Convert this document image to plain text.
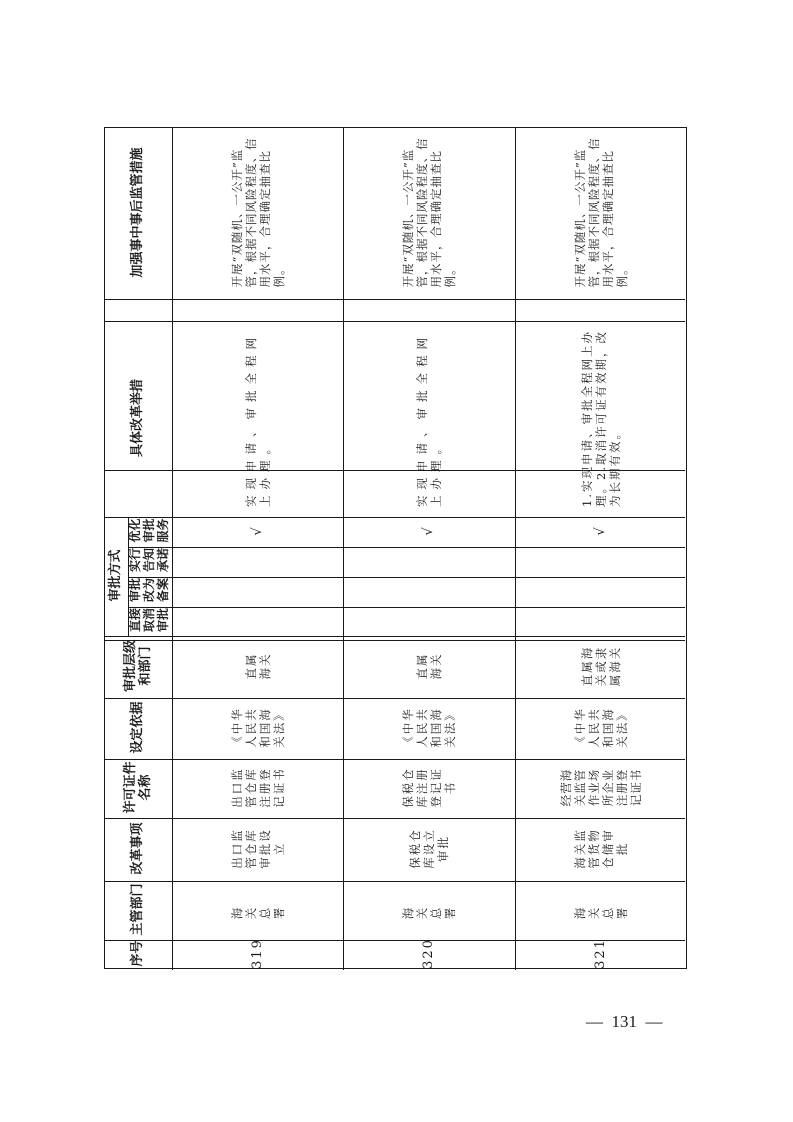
加强事中事后监管措施
具体改革举措
审批方式
直接 取消 审批
审批 改为 备案
实行 告知 承诺
优化 审批 服务
审批层级 和部门
设定依据
许可证件 名称
改革事项
主管部门
序号
开展“双随机、一公开”监管，根据不同风险程度、信用水平，合理确定抽查比例。
实现申请、审批全程网上办理。
√
直属海关
《中华人民共和国海关法》
出口监管仓库注册登记证书
出口监管仓库审批设立
海关总署
319
开展“双随机、一公开”监管，根据不同风险程度、信用水平，合理确定抽查比例。
实现申请、审批全程网上办理。
√
直属海关
《中华人民共和国海关法》
保税仓库注册登记证书
保税仓库设立审批
海关总署
320
开展“双随机、一公开”监管，根据不同风险程度、信用水平，合理确定抽查比例。
1.实现申请、审批全程网上办理。2.取消许可证有效期，改为长期有效。
√
直属海关或隶属海关
《中华人民共和国海关法》
经营海关监管作业场所企业注册登记证书
海关监管货物仓储审批
海关总署
321
—  131  —
